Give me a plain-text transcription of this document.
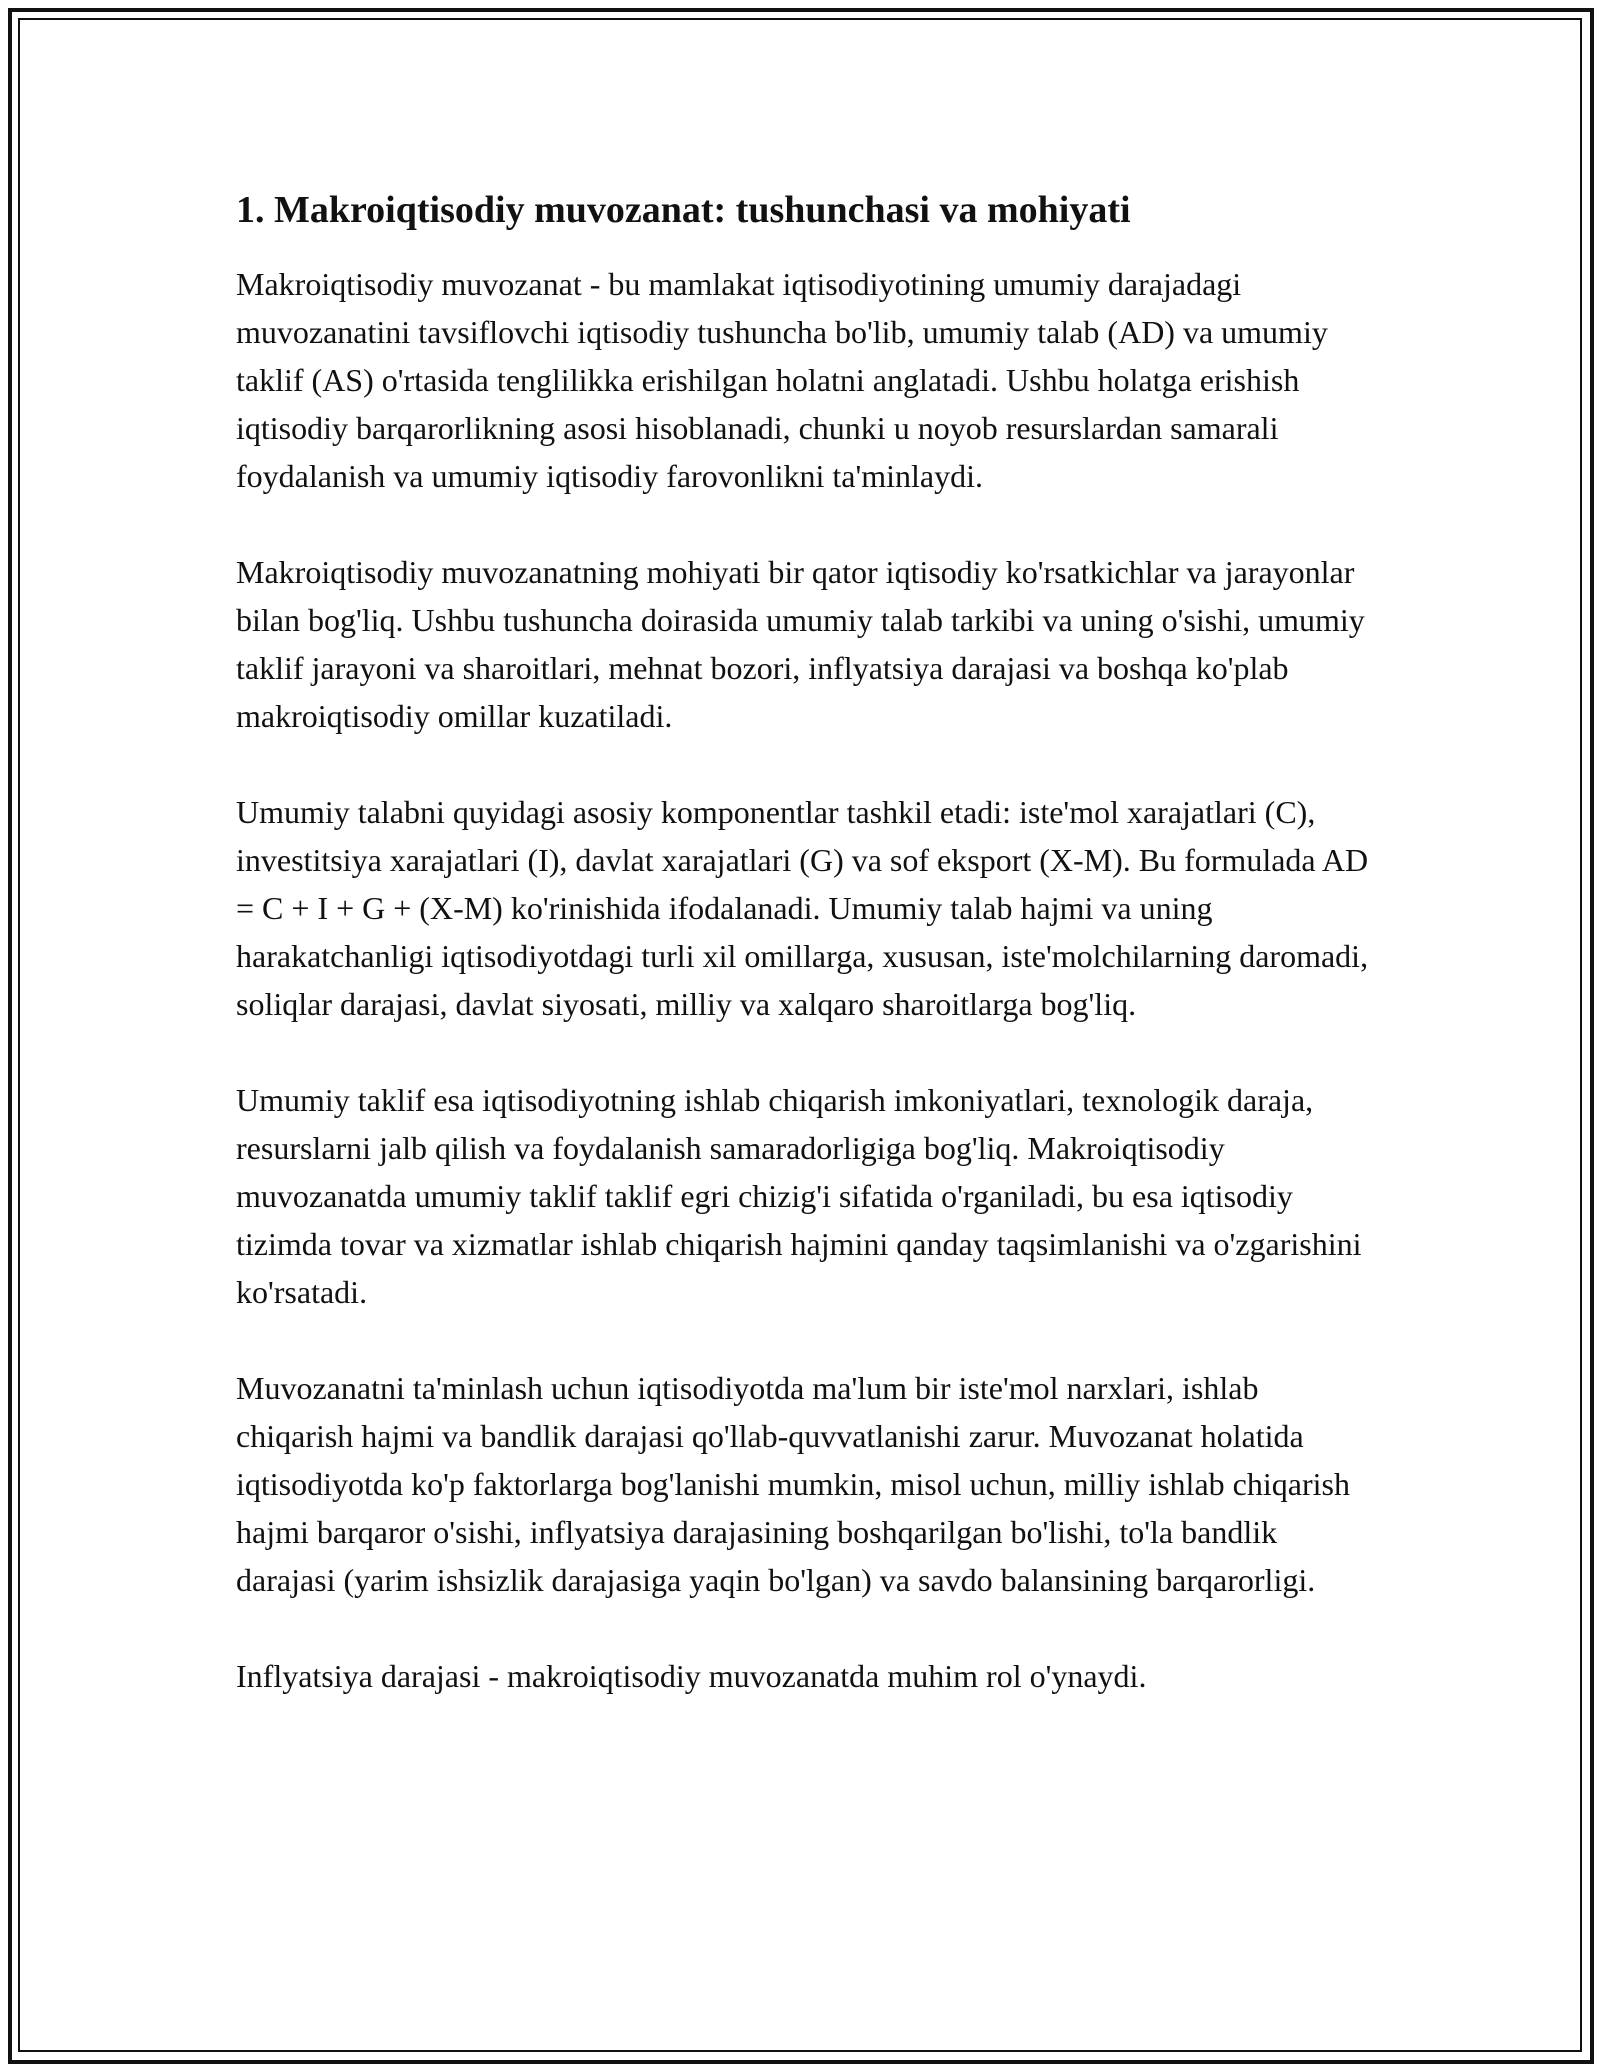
1. Makroiqtisodiy muvozanat: tushunchasi va mohiyati

Makroiqtisodiy muvozanat - bu mamlakat iqtisodiyotining umumiy darajadagi muvozanatini tavsiflovchi iqtisodiy tushuncha bo'lib, umumiy talab (AD) va umumiy taklif (AS) o'rtasida tenglilikka erishilgan holatni anglatadi. Ushbu holatga erishish iqtisodiy barqarorlikning asosi hisoblanadi, chunki u noyob resurslardan samarali foydalanish va umumiy iqtisodiy farovonlikni ta'minlaydi.

Makroiqtisodiy muvozanatning mohiyati bir qator iqtisodiy ko'rsatkichlar va jarayonlar bilan bog'liq. Ushbu tushuncha doirasida umumiy talab tarkibi va uning o'sishi, umumiy taklif jarayoni va sharoitlari, mehnat bozori, inflyatsiya darajasi va boshqa ko'plab makroiqtisodiy omillar kuzatiladi.

Umumiy talabni quyidagi asosiy komponentlar tashkil etadi: iste'mol xarajatlari (C), investitsiya xarajatlari (I), davlat xarajatlari (G) va sof eksport (X-M). Bu formulada AD = C + I + G + (X-M) ko'rinishida ifodalanadi. Umumiy talab hajmi va uning harakatchanligi iqtisodiyotdagi turli xil omillarga, xususan, iste'molchilarning daromadi, soliqlar darajasi, davlat siyosati, milliy va xalqaro sharoitlarga bog'liq.

Umumiy taklif esa iqtisodiyotning ishlab chiqarish imkoniyatlari, texnologik daraja, resurslarni jalb qilish va foydalanish samaradorligiga bog'liq. Makroiqtisodiy muvozanatda umumiy taklif taklif egri chizig'i sifatida o'rganiladi, bu esa iqtisodiy tizimda tovar va xizmatlar ishlab chiqarish hajmini qanday taqsimlanishi va o'zgarishini ko'rsatadi.

Muvozanatni ta'minlash uchun iqtisodiyotda ma'lum bir iste'mol narxlari, ishlab chiqarish hajmi va bandlik darajasi qo'llab-quvvatlanishi zarur. Muvozanat holatida iqtisodiyotda ko'p faktorlarga bog'lanishi mumkin, misol uchun, milliy ishlab chiqarish hajmi barqaror o'sishi, inflyatsiya darajasining boshqarilgan bo'lishi, to'la bandlik darajasi (yarim ishsizlik darajasiga yaqin bo'lgan) va savdo balansining barqarorligi.

Inflyatsiya darajasi - makroiqtisodiy muvozanatda muhim rol o'ynaydi.
